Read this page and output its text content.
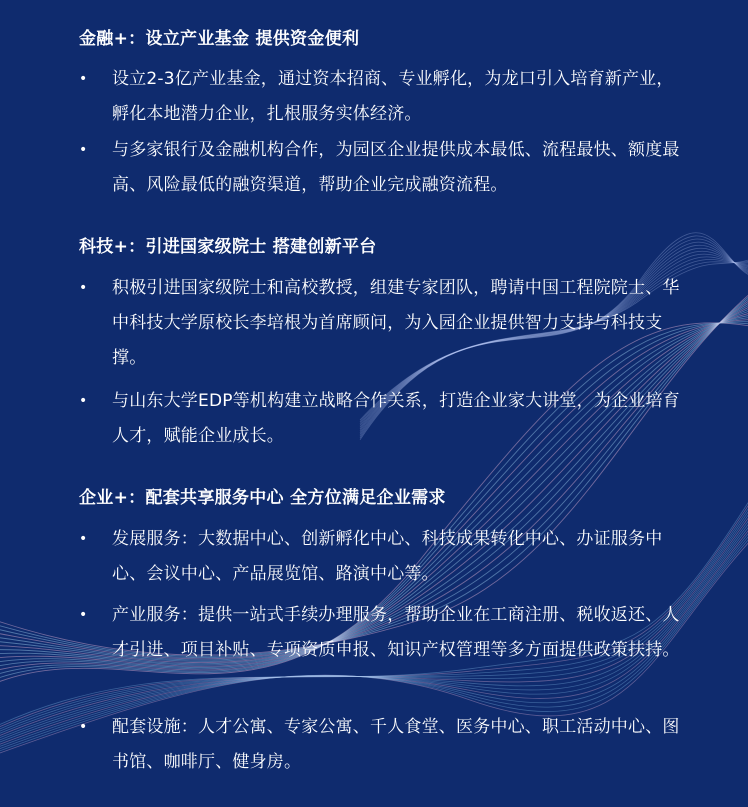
金融+：设立产业基金 提供资金便利

• 设立2-3亿产业基金，通过资本招商、专业孵化，为龙口引入培育新产业，孵化本地潜力企业，扎根服务实体经济。

• 与多家银行及金融机构合作，为园区企业提供成本最低、流程最快、额度最高、风险最低的融资渠道，帮助企业完成融资流程。

科技+：引进国家级院士 搭建创新平台

• 积极引进国家级院士和高校教授，组建专家团队，聘请中国工程院院士、华中科技大学原校长李培根为首席顾问，为入园企业提供智力支持与科技支撑。

• 与山东大学EDP等机构建立战略合作关系，打造企业家大讲堂，为企业培育人才，赋能企业成长。

企业+：配套共享服务中心 全方位满足企业需求

• 发展服务：大数据中心、创新孵化中心、科技成果转化中心、办证服务中心、会议中心、产品展览馆、路演中心等。

• 产业服务：提供一站式手续办理服务，帮助企业在工商注册、税收返还、人才引进、项目补贴、专项资质申报、知识产权管理等多方面提供政策扶持。

• 配套设施：人才公寓、专家公寓、千人食堂、医务中心、职工活动中心、图书馆、咖啡厅、健身房。
